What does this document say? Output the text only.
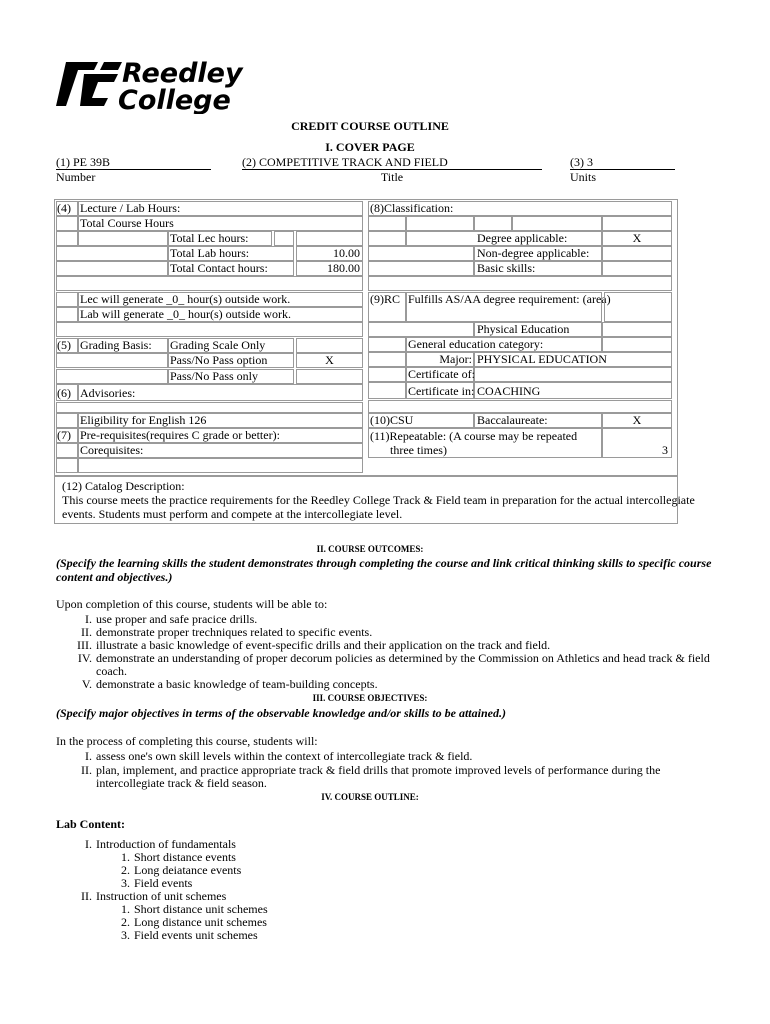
Reedley
College
CREDIT COURSE OUTLINE
I. COVER PAGE
(1) PE 39B
Number
(2) COMPETITIVE TRACK AND FIELD
Title
(3) 3
Units
(4) Lecture / Lab Hours:
Total Course Hours
Total Lec hours:
Total Lab hours:	10.00
Total Contact hours:	180.00
Lec will generate _0_ hour(s) outside work.
Lab will generate _0_ hour(s) outside work.
(5) Grading Basis: Grading Scale Only
Pass/No Pass option	X
Pass/No Pass only
(6) Advisories:
Eligibility for English 126
(7) Pre-requisites(requires C grade or better):
Corequisites:
(8)Classification:
Degree applicable:	X
Non-degree applicable:
Basic skills:
(9)RC Fulfills AS/AA degree requirement: (area)
Physical Education
General education category:
Major: PHYSICAL EDUCATION
Certificate of:
Certificate in: COACHING
(10)CSU	Baccalaureate:	X
(11)Repeatable: (A course may be repeated
three times)	3
(12) Catalog Description:
This course meets the practice requirements for the Reedley College Track & Field team in preparation for the actual intercollegiate
events. Students must perform and compete at the intercollegiate level.
II. COURSE OUTCOMES:
(Specify the learning skills the student demonstrates through completing the course and link critical thinking skills to specific course
content and objectives.)
Upon completion of this course, students will be able to:
I. use proper and safe pracice drills.
II. demonstrate proper trechniques related to specific events.
III. illustrate a basic knowledge of event-specific drills and their application on the track and field.
IV. demonstrate an understanding of proper decorum policies as determined by the Commission on Athletics and head track & field
coach.
V. demonstrate a basic knowledge of team-building concepts.
III. COURSE OBJECTIVES:
(Specify major objectives in terms of the observable knowledge and/or skills to be attained.)
In the process of completing this course, students will:
I. assess one's own skill levels within the context of intercollegiate track & field.
II. plan, implement, and practice appropriate track & field drills that promote improved levels of performance during the
intercollegiate track & field season.
IV. COURSE OUTLINE:
Lab Content:
I. Introduction of fundamentals
1. Short distance events
2. Long deiatance events
3. Field events
II. Instruction of unit schemes
1. Short distance unit schemes
2. Long distance unit schemes
3. Field events unit schemes
